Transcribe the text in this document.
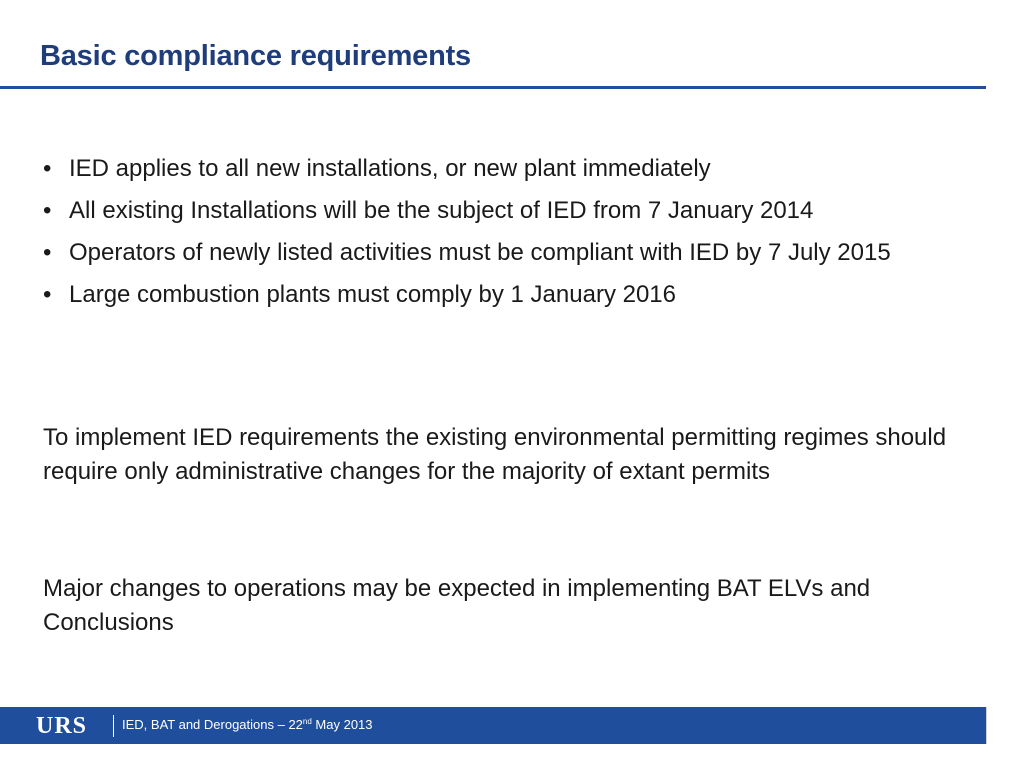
Basic compliance requirements
• IED applies to all new installations, or new plant immediately
• All existing Installations will be the subject of IED from 7 January 2014
• Operators of newly listed activities must be compliant with IED by 7 July 2015
• Large combustion plants must comply by 1 January 2016

To implement IED requirements the existing environmental permitting regimes should require only administrative changes for the majority of extant permits

Major changes to operations may be expected in implementing BAT ELVs and Conclusions

URS	IED, BAT and Derogations – 22nd May 2013
